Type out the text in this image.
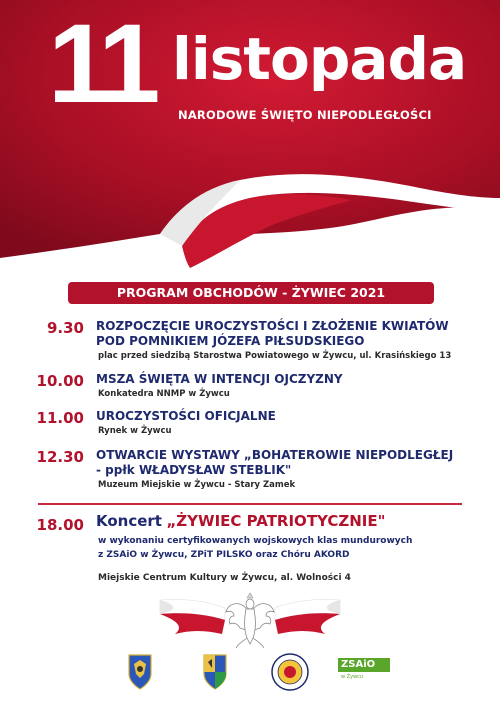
11 listopada
NARODOWE ŚWIĘTO NIEPODLEGŁOŚCI
PROGRAM OBCHODÓW - ŻYWIEC 2021
9.30 ROZPOCZĘCIE UROCZYSTOŚCI I ZŁOŻENIE KWIATÓW
POD POMNIKIEM JÓZEFA PIŁSUDSKIEGO
plac przed siedzibą Starostwa Powiatowego w Żywcu, ul. Krasińskiego 13
10.00 MSZA ŚWIĘTA W INTENCJI OJCZYZNY
Konkatedra NNMP w Żywcu
11.00 UROCZYSTOŚCI OFICJALNE
Rynek w Żywcu
12.30 OTWARCIE WYSTAWY „BOHATEROWIE NIEPODLEGŁEJ
- ppłk WŁADYSŁAW STEBLIK"
Muzeum Miejskie w Żywcu - Stary Zamek
18.00 Koncert „ŻYWIEC PATRIOTYCZNIE"
w wykonaniu certyfikowanych wojskowych klas mundurowych
z ZSAiO w Żywcu, ZPiT PILSKO oraz Chóru AKORD
Miejskie Centrum Kultury w Żywcu, al. Wolności 4
ZSAiO
w Żywcu
